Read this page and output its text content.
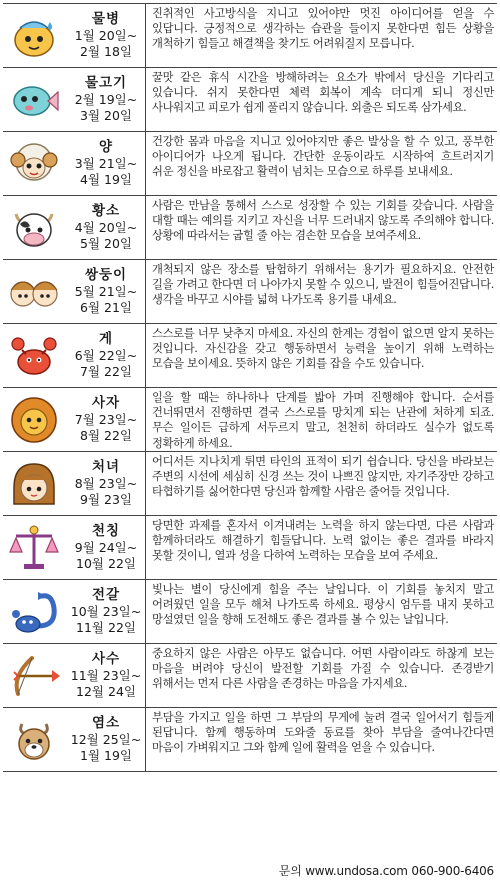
물병
1월 20일~
2월 18일
진취적인 사고방식을 지니고 있어야만 멋진 아이디어를 얻을 수 있답니다. 긍정적으로 생각하는 습관을 들이지 못한다면 힘든 상황을 개척하기 힘들고 해결책을 찾기도 어려워질지 모릅니다.
물고기
2월 19일~
3월 20일
꿀맛 같은 휴식 시간을 방해하려는 요소가 밖에서 당신을 기다리고 있습니다. 쉬지 못한다면 체력 회복이 계속 더디게 되니 정신만 사나워지고 피로가 쉽게 풀리지 않습니다. 외출은 되도록 삼가세요.
양
3월 21일~
4월 19일
건강한 몸과 마음을 지니고 있어야지만 좋은 발상을 할 수 있고, 풍부한 아이디어가 나오게 됩니다. 간단한 운동이라도 시작하여 흐트러지기 쉬운 정신을 바로잡고 활력이 넘치는 모습으로 하루를 보내세요.
황소
4월 20일~
5월 20일
사람은 만남을 통해서 스스로 성장할 수 있는 기회를 갖습니다. 사람을 대할 때는 예의를 지키고 자신을 너무 드러내지 않도록 주의해야 합니다. 상황에 따라서는 굽힐 줄 아는 겸손한 모습을 보여주세요.
쌍둥이
5월 21일~
6월 21일
개척되지 않은 장소를 탐험하기 위해서는 용기가 필요하지요. 안전한 길을 가려고 한다면 더 나아가지 못할 수 있으니, 발전이 힘들어진답니다. 생각을 바꾸고 시야를 넓혀 나가도록 용기를 내세요.
게
6월 22일~
7월 22일
스스로를 너무 낮추지 마세요. 자신의 한계는 경험이 없으면 알지 못하는 것입니다. 자신감을 갖고 행동하면서 능력을 높이기 위해 노력하는 모습을 보이세요. 뜻하지 않은 기회를 잡을 수도 있습니다.
사자
7월 23일~
8월 22일
일을 할 때는 하나하나 단계를 밟아 가며 진행해야 합니다. 순서를 건너뛰면서 진행하면 결국 스스로를 망치게 되는 난관에 처하게 되죠. 무슨 일이든 급하게 서두르지 말고, 천천히 하더라도 실수가 없도록 정확하게 하세요.
처녀
8월 23일~
9월 23일
어디서든 지나치게 튀면 타인의 표적이 되기 쉽습니다. 당신을 바라보는 주변의 시선에 세심히 신경 쓰는 것이 나쁘진 않지만, 자기주장만 강하고 타협하기를 싫어한다면 당신과 함께할 사람은 줄어들 것입니다.
천칭
9월 24일~
10월 22일
당면한 과제를 혼자서 이겨내려는 노력을 하지 않는다면, 다른 사람과 함께하더라도 해결하기 힘들답니다. 노력 없이는 좋은 결과를 바라지 못할 것이니, 열과 성을 다하여 노력하는 모습을 보여 주세요.
전갈
10월 23일~
11월 22일
빛나는 별이 당신에게 힘을 주는 날입니다. 이 기회를 놓치지 말고 어려웠던 일을 모두 해쳐 나가도록 하세요. 평상시 엄두를 내지 못하고 망설였던 일을 향해 도전해도 좋은 결과를 볼 수 있는 날입니다.
사수
11월 23일~
12월 24일
중요하지 않은 사람은 아무도 없습니다. 어떤 사람이라도 하찮게 보는 마음을 버려야 당신이 발전할 기회를 가질 수 있습니다. 존경받기 위해서는 먼저 다른 사람을 존경하는 마음을 가지세요.
염소
12월 25일~
1월 19일
부담을 가지고 일을 하면 그 부담의 무게에 눌려 결국 일어서기 힘들게 된답니다. 함께 행동하며 도와줄 동료를 찾아 부담을 줄여나간다면 마음이 가벼워지고 그와 함께 일에 활력을 얻을 수 있습니다.
문의 www.undosa.com 060-900-6406
